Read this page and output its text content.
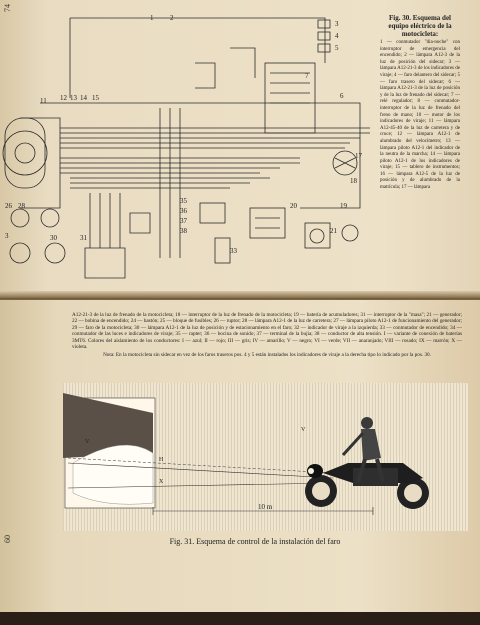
74
1 2
3
4
5
6
7
11 12 13 14 15
17
18
19
20
21
26 28
3	30	31
35
36
37
38
33
Fig. 30. Esquema del equipo eléctrico de la motocicleta:
1 — conmutador "dia-noche" con interruptor de emergencia del encendido; 2 — lámpara A12-3 de la luz de posición del sidecar; 3 — lámpara A12-21-3 de los indicadores de viraje; 4 — faro delantero del sidecar; 5 — faro trasero del sidecar; 6 — lámpara A12-21-3 de la luz de posición y de la luz de frenado del sidecar; 7 — relé regulador; 8 — conmutador-interruptor de la luz de frenado del freno de mano; 10 — motor de los indicadores de viraje; 11 — lámpara A12-45-40 de la luz de carretera y de cruce; 12 — lámpara A12-1 de alumbrado del velocímetro; 13 — lámpara piloto A12-1 del indicador de la neutra de la marcha; 14 — lámpara piloto A12-1 de los indicadores de viraje; 15 — tablero de instrumentos; 16 — lámpara A12-5 de la luz de posición y de alumbrado de la matrícula; 17 — lámpara
60
A12-21-3 de la luz de frenado de la motocicleta; 18 — interruptor de la luz de frenado de la motocicleta; 19 — batería de acumuladores; 31 — interruptor de la "masa"; 21 — generador; 22 — bobina de encendido; 24 — bastón; 25 — bloque de fusibles; 26 — ruptor; 28 — lámpara A12-1 de la luz de carretera; 27 — lámpara piloto A12-1 de funcionamiento del generador; 29 — faro de la motocicleta; 30 — lámpara A12-1 de la luz de posición y de estacionamiento en el faro; 32 — indicador de viraje a la izquierda; 33 — conmutador de encendido; 34 — conmutador de las luces e indicadores de viraje; 35 — rapter; 36 — bocina de sonido; 37 — terminal de la bujía; 38 — conductor de alta tensión. I — variante de conexión de baterías 3MT6. Colores del aislamiento de los conductores: I — azul; II — rojo; III — gris; IV — amarillo; V — negro; VI — verde; VII — anaranjado; VIII — rosado; IX — marrón; X — violeta.
Nota: En la motocicleta sin sidecar en vez de los faros traseros pos. 4 y 5 están instalados los indicadores de viraje a la derecha tipo lo indicado por la pos. 30.
10 m
V
H
X
V
Fig. 31. Esquema de control de la instalación del faro
